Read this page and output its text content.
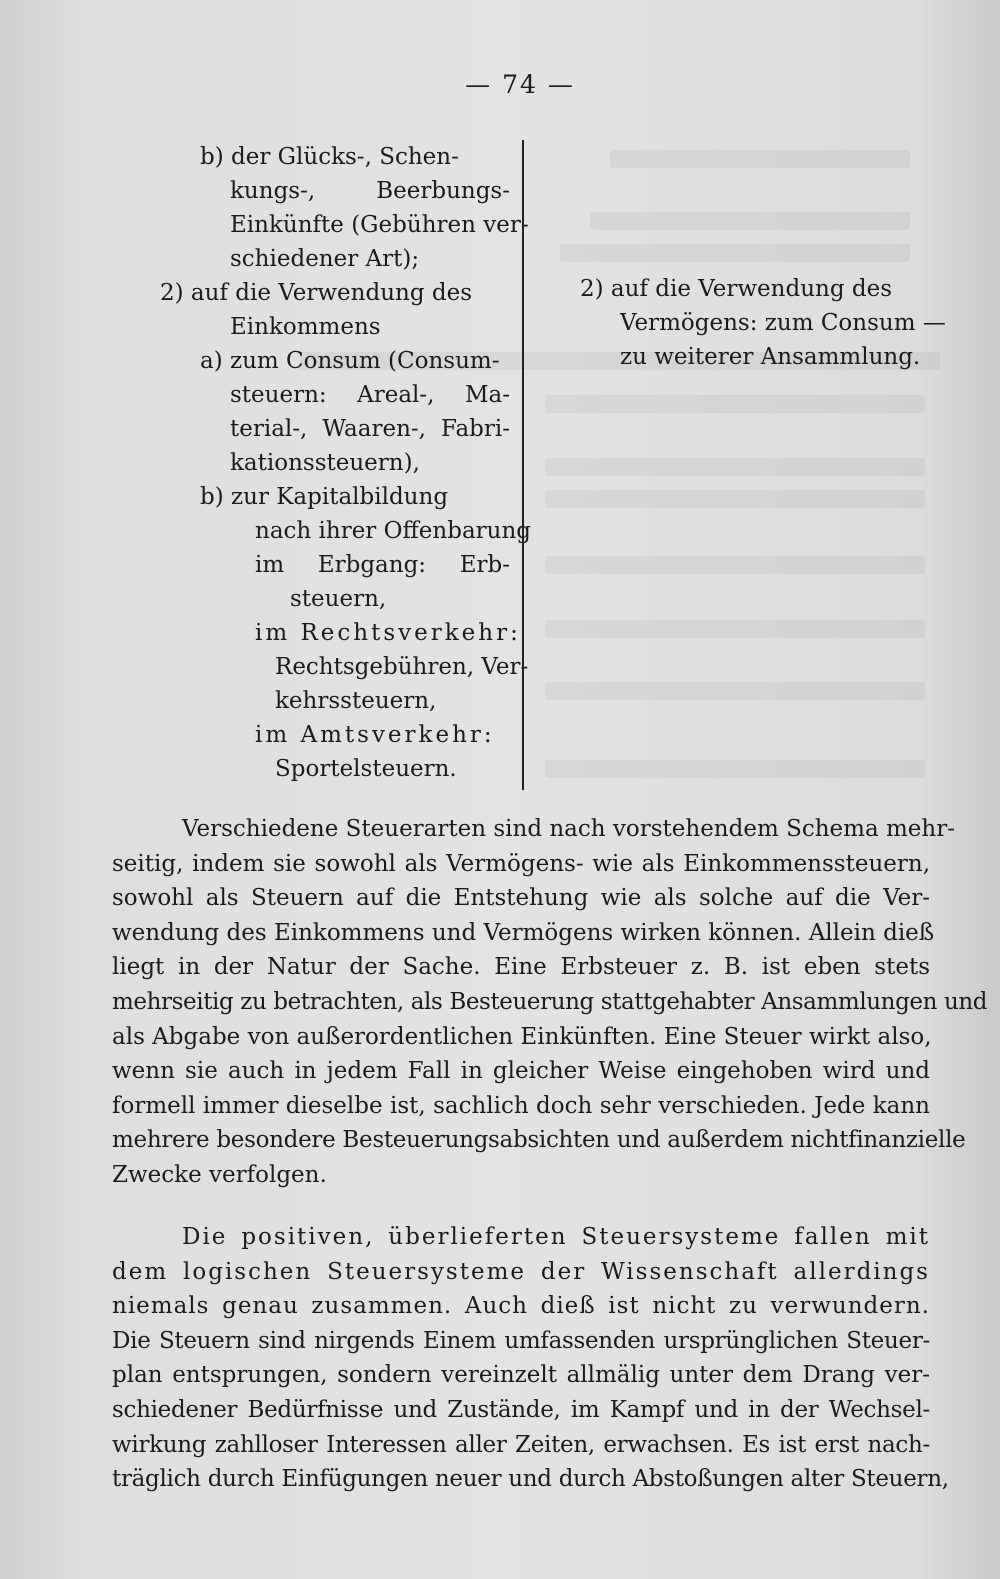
— 74 —
b) der Glücks-, Schen-
kungs-, Beerbungs-
Einkünfte (Gebühren ver-
schiedener Art);
2) auf die Verwendung des
Einkommens
a) zum Consum (Consum-
steuern: Areal-, Ma-
terial-, Waaren-, Fabri-
kationssteuern),
b) zur Kapitalbildung
nach ihrer Offenbarung
im Erbgang: Erb-
steuern,
im Rechtsverkehr:
Rechtsgebühren, Ver-
kehrssteuern,
im Amtsverkehr:
Sportelsteuern.
2) auf die Verwendung des
Vermögens: zum Consum —
zu weiterer Ansammlung.
Verschiedene Steuerarten sind nach vorstehendem Schema mehr-
seitig, indem sie sowohl als Vermögens- wie als Einkommenssteuern,
sowohl als Steuern auf die Entstehung wie als solche auf die Ver-
wendung des Einkommens und Vermögens wirken können. Allein dieß
liegt in der Natur der Sache. Eine Erbsteuer z. B. ist eben stets
mehrseitig zu betrachten, als Besteuerung stattgehabter Ansammlungen und
als Abgabe von außerordentlichen Einkünften. Eine Steuer wirkt also,
wenn sie auch in jedem Fall in gleicher Weise eingehoben wird und
formell immer dieselbe ist, sachlich doch sehr verschieden. Jede kann
mehrere besondere Besteuerungsabsichten und außerdem nichtfinanzielle
Zwecke verfolgen.
Die positiven, überlieferten Steuersysteme fallen mit
dem logischen Steuersysteme der Wissenschaft allerdings
niemals genau zusammen. Auch dieß ist nicht zu verwundern.
Die Steuern sind nirgends Einem umfassenden ursprünglichen Steuer-
plan entsprungen, sondern vereinzelt allmälig unter dem Drang ver-
schiedener Bedürfnisse und Zustände, im Kampf und in der Wechsel-
wirkung zahlloser Interessen aller Zeiten, erwachsen. Es ist erst nach-
träglich durch Einfügungen neuer und durch Abstoßungen alter Steuern,
